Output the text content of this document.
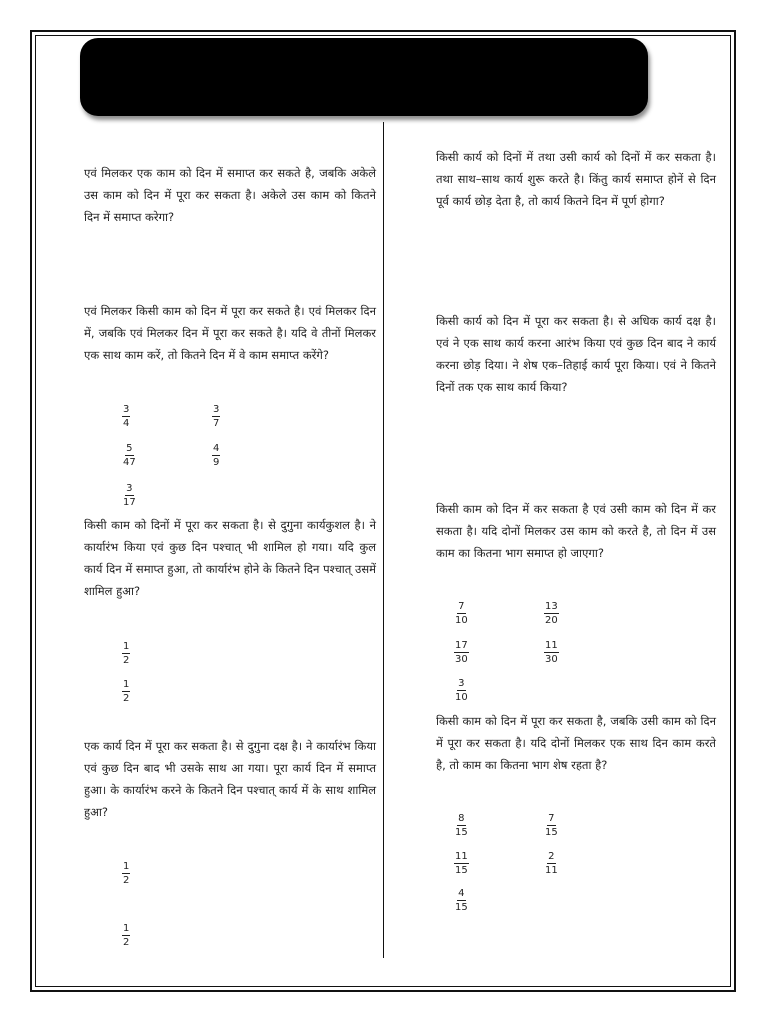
एवं मिलकर एक काम को दिन में समाप्त कर सकते है, जबकि अकेले उस काम को दिन में पूरा कर सकता है। अकेले उस काम को कितने दिन में समाप्त करेगा?

एवं मिलकर किसी काम को दिन में पूरा कर सकते है। एवं मिलकर दिन में, जबकि एवं मिलकर दिन में पूरा कर सकते है। यदि वे तीनों मिलकर एक साथ काम करें, तो कितने दिन में वे काम समाप्त करेंगे?

$\frac{3}{4}$	$\frac{3}{7}$
$\frac{5}{47}$	$\frac{4}{9}$
$\frac{3}{17}$

किसी काम को दिनों में पूरा कर सकता है। से दुगुना कार्यकुशल है। ने कार्यारंभ किया एवं कुछ दिन पश्चात् भी शामिल हो गया। यदि कुल कार्य दिन में समाप्त हुआ, तो कार्यारंभ होने के कितने दिन पश्चात् उसमें शामिल हुआ?

$\frac{1}{2}$
$\frac{1}{2}$

एक कार्य दिन में पूरा कर सकता है। से दुगुना दक्ष है। ने कार्यारंभ किया एवं कुछ दिन बाद भी उसके साथ आ गया। पूरा कार्य दिन में समाप्त हुआ। के कार्यारंभ करने के कितने दिन पश्चात् कार्य में के साथ शामिल हुआ?

$\frac{1}{2}$
$\frac{1}{2}$

किसी कार्य को दिनों में तथा उसी कार्य को दिनों में कर सकता है। तथा साथ–साथ कार्य शुरू करते है। किंतु कार्य समाप्त होनें से दिन पूर्व कार्य छोड़ देता है, तो कार्य कितने दिन में पूर्ण होगा?

किसी कार्य को दिन में पूरा कर सकता है। से अधिक कार्य दक्ष है। एवं ने एक साथ कार्य करना आरंभ किया एवं कुछ दिन बाद ने कार्य करना छोड़ दिया। ने शेष एक–तिहाई कार्य पूरा किया। एवं ने कितने दिनों तक एक साथ कार्य किया?

किसी काम को दिन में कर सकता है एवं उसी काम को दिन में कर सकता है। यदि दोनों मिलकर उस काम को करते है, तो दिन में उस काम का कितना भाग समाप्त हो जाएगा?

$\frac{7}{10}$	$\frac{13}{20}$
$\frac{17}{30}$	$\frac{11}{30}$
$\frac{3}{10}$

किसी काम को दिन में पूरा कर सकता है, जबकि उसी काम को दिन में पूरा कर सकता है। यदि दोनों मिलकर एक साथ दिन काम करते है, तो काम का कितना भाग शेष रहता है?

$\frac{8}{15}$	$\frac{7}{15}$
$\frac{11}{15}$	$\frac{2}{11}$
$\frac{4}{15}$
